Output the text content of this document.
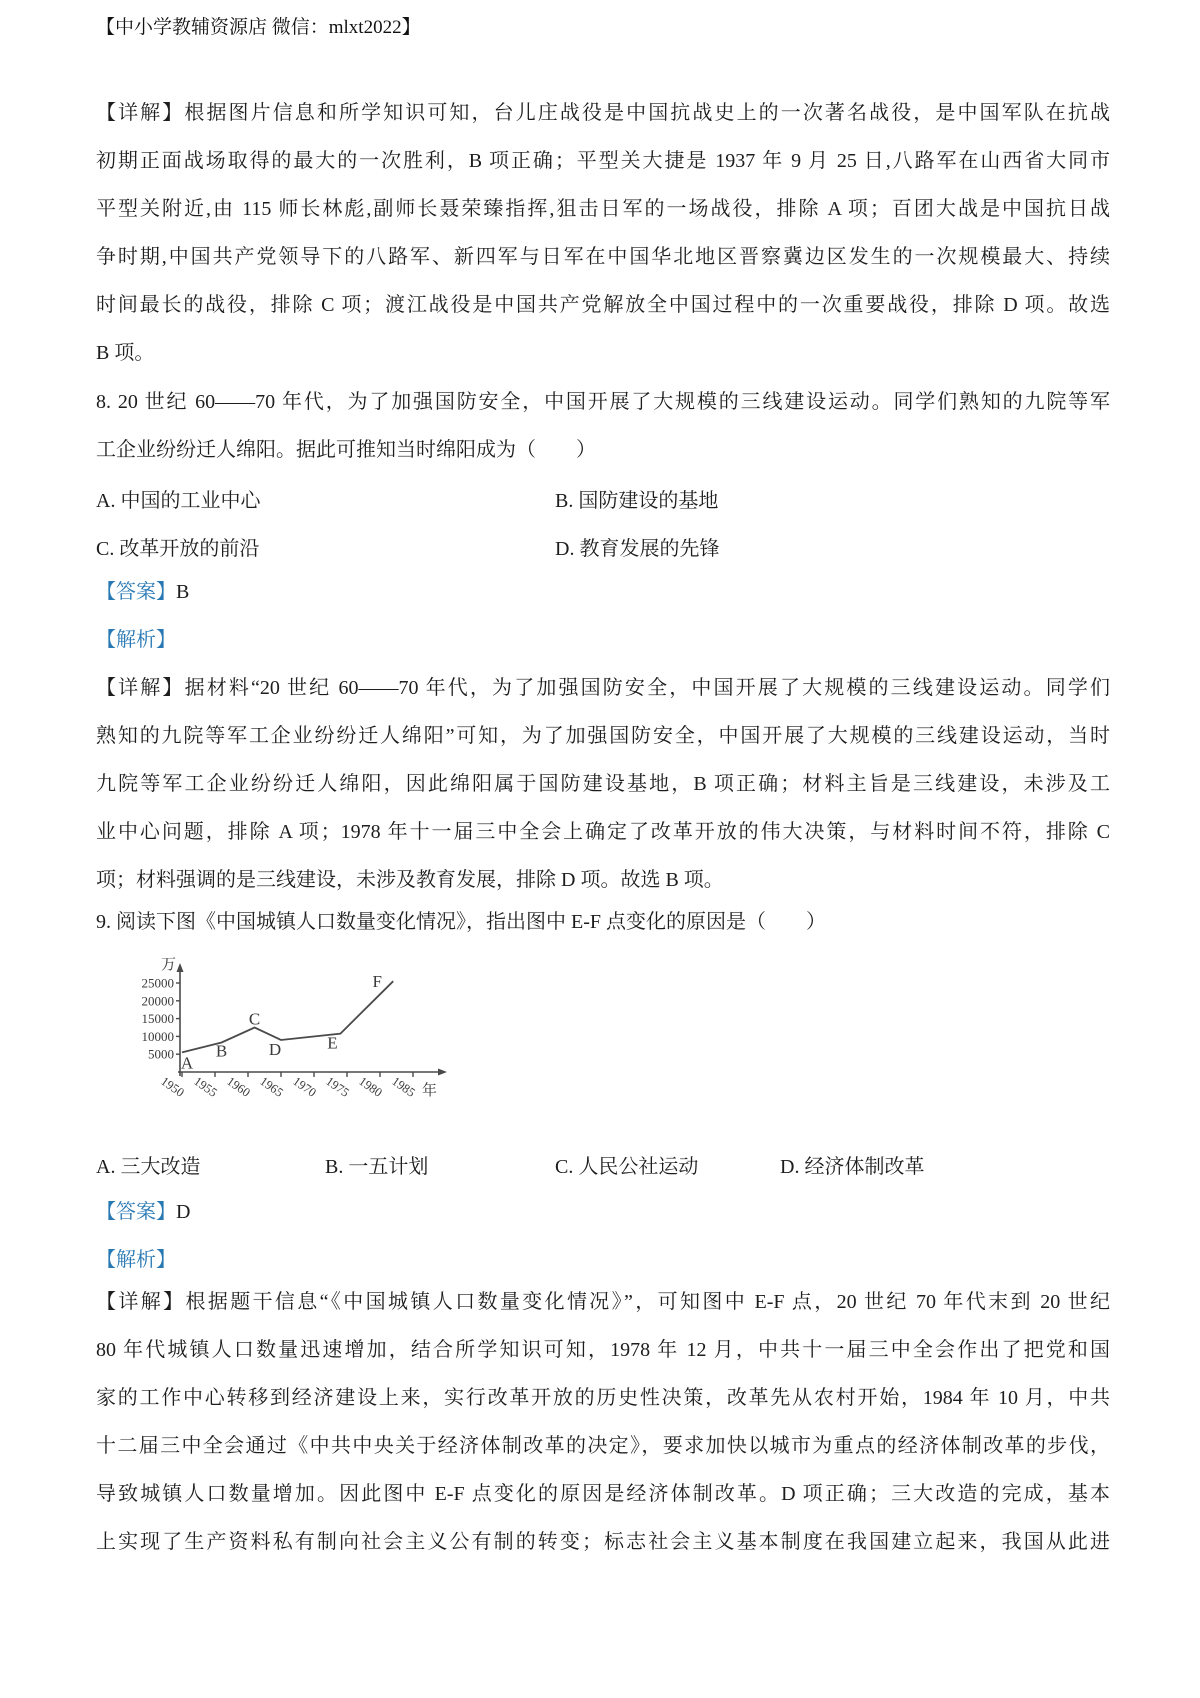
【中小学教辅资源店 微信：mlxt2022】
【详解】根据图片信息和所学知识可知，台儿庄战役是中国抗战史上的一次著名战役，是中国军队在抗战
初期正面战场取得的最大的一次胜利，B 项正确；平型关大捷是 1937 年 9 月 25 日,八路军在山西省大同市
平型关附近,由 115 师长林彪,副师长聂荣臻指挥,狙击日军的一场战役，排除 A 项；百团大战是中国抗日战
争时期,中国共产党领导下的八路军、新四军与日军在中国华北地区晋察冀边区发生的一次规模最大、持续
时间最长的战役，排除 C 项；渡江战役是中国共产党解放全中国过程中的一次重要战役，排除 D 项。故选
B 项。
8. 20 世纪 60——70 年代，为了加强国防安全，中国开展了大规模的三线建设运动。同学们熟知的九院等军
工企业纷纷迁人绵阳。据此可推知当时绵阳成为（　　）
A. 中国的工业中心	B. 国防建设的基地
C. 改革开放的前沿	D. 教育发展的先锋
【答案】B
【解析】
【详解】据材料“20 世纪 60——70 年代，为了加强国防安全，中国开展了大规模的三线建设运动。同学们
熟知的九院等军工企业纷纷迁人绵阳”可知，为了加强国防安全，中国开展了大规模的三线建设运动，当时
九院等军工企业纷纷迁人绵阳，因此绵阳属于国防建设基地，B 项正确；材料主旨是三线建设，未涉及工
业中心问题，排除 A 项；1978 年十一届三中全会上确定了改革开放的伟大决策，与材料时间不符，排除 C
项；材料强调的是三线建设，未涉及教育发展，排除 D 项。故选 B 项。
9. 阅读下图《中国城镇人口数量变化情况》，指出图中 E-F 点变化的原因是（　　）
万
年
5000
10000
15000
20000
25000
1950 1955 1960 1965 1970 1975 1980 1985
A
B
C
D	E
F
A. 三大改造	B. 一五计划	C. 人民公社运动	D. 经济体制改革
【答案】D
【解析】
【详解】根据题干信息“《中国城镇人口数量变化情况》”，可知图中 E-F 点，20 世纪 70 年代末到 20 世纪
80 年代城镇人口数量迅速增加，结合所学知识可知，1978 年 12 月，中共十一届三中全会作出了把党和国
家的工作中心转移到经济建设上来，实行改革开放的历史性决策，改革先从农村开始，1984 年 10 月，中共
十二届三中全会通过《中共中央关于经济体制改革的决定》，要求加快以城市为重点的经济体制改革的步伐，
导致城镇人口数量增加。因此图中 E-F 点变化的原因是经济体制改革。D 项正确；三大改造的完成，基本
上实现了生产资料私有制向社会主义公有制的转变；标志社会主义基本制度在我国建立起来，我国从此进
